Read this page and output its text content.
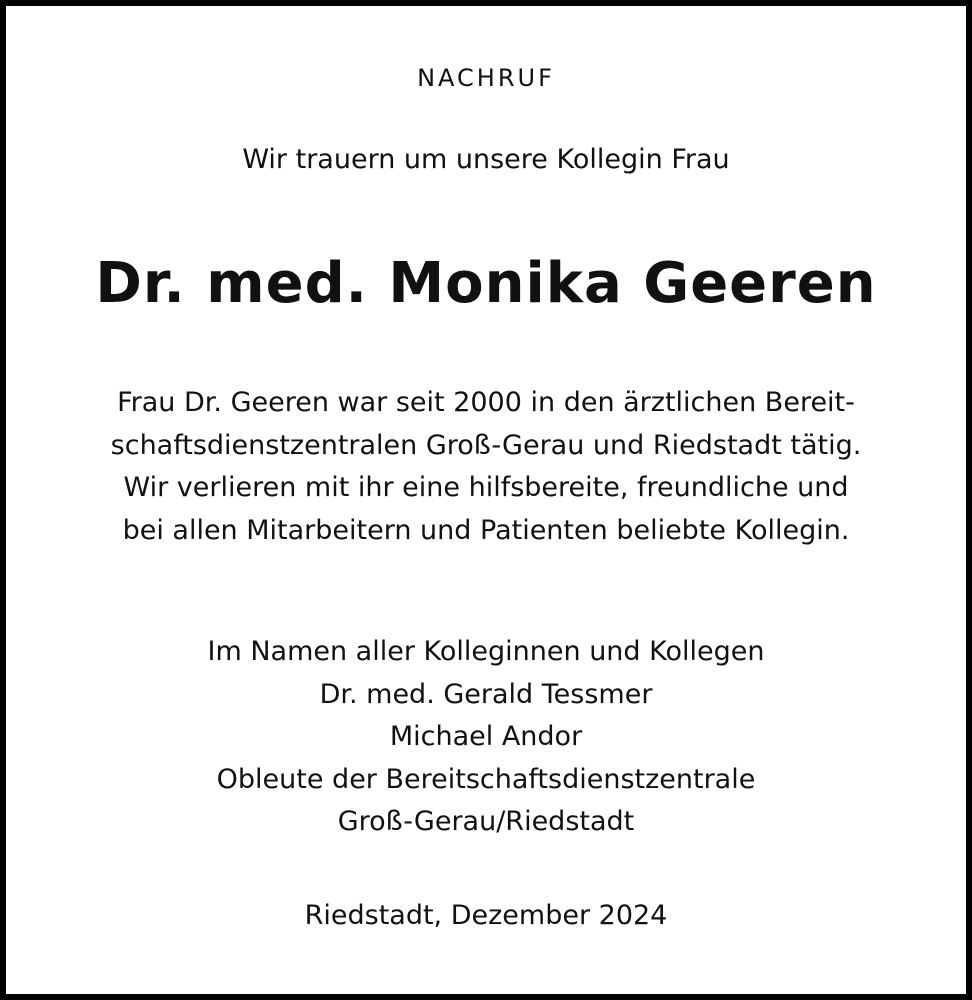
NACHRUF
Wir trauern um unsere Kollegin Frau
Dr. med. Monika Geeren
Frau Dr. Geeren war seit 2000 in den ärztlichen Bereit-
schaftsdienstzentralen Groß-Gerau und Riedstadt tätig.
Wir verlieren mit ihr eine hilfsbereite, freundliche und
bei allen Mitarbeitern und Patienten beliebte Kollegin.
Im Namen aller Kolleginnen und Kollegen
Dr. med. Gerald Tessmer
Michael Andor
Obleute der Bereitschaftsdienstzentrale
Groß-Gerau/Riedstadt
Riedstadt, Dezember 2024
